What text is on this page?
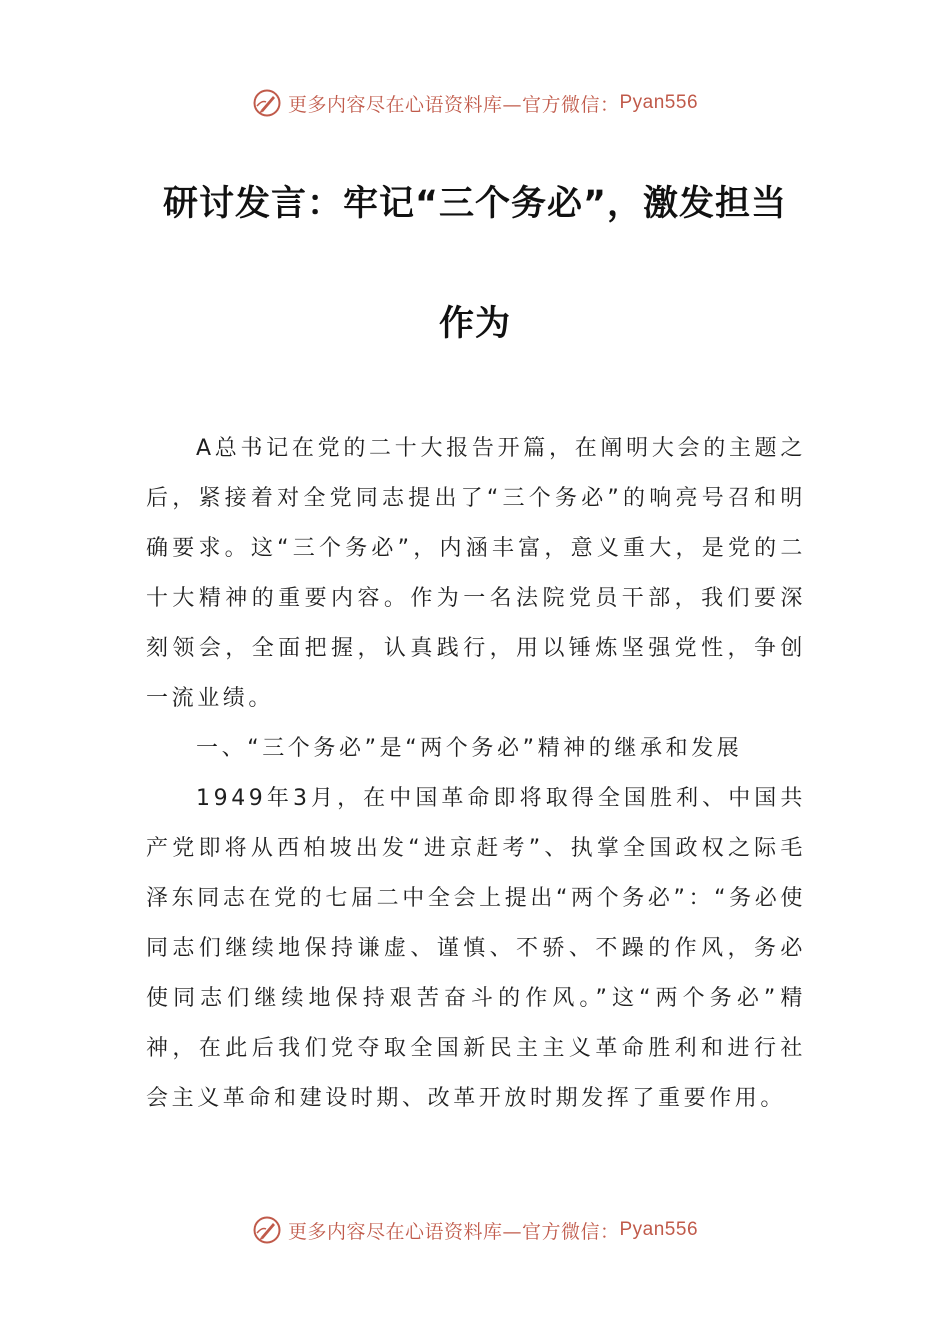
更多内容尽在心语资料库—官方微信： Pyan556
研讨发言：牢记“三个务必”，激发担当
作为

A总书记在党的二十大报告开篇，在阐明大会的主题之后，紧接着对全党同志提出了“三个务必”的响亮号召和明确要求。这“三个务必”，内涵丰富，意义重大，是党的二十大精神的重要内容。作为一名法院党员干部，我们要深刻领会，全面把握，认真践行，用以锤炼坚强党性，争创一流业绩。

一、“三个务必”是“两个务必”精神的继承和发展

1949年3月，在中国革命即将取得全国胜利、中国共产党即将从西柏坡出发“进京赶考”、执掌全国政权之际毛泽东同志在党的七届二中全会上提出“两个务必”：“务必使同志们继续地保持谦虚、谨慎、不骄、不躁的作风，务必使同志们继续地保持艰苦奋斗的作风。”这“两个务必”精神，在此后我们党夺取全国新民主主义革命胜利和进行社会主义革命和建设时期、改革开放时期发挥了重要作用。

更多内容尽在心语资料库—官方微信： Pyan556
